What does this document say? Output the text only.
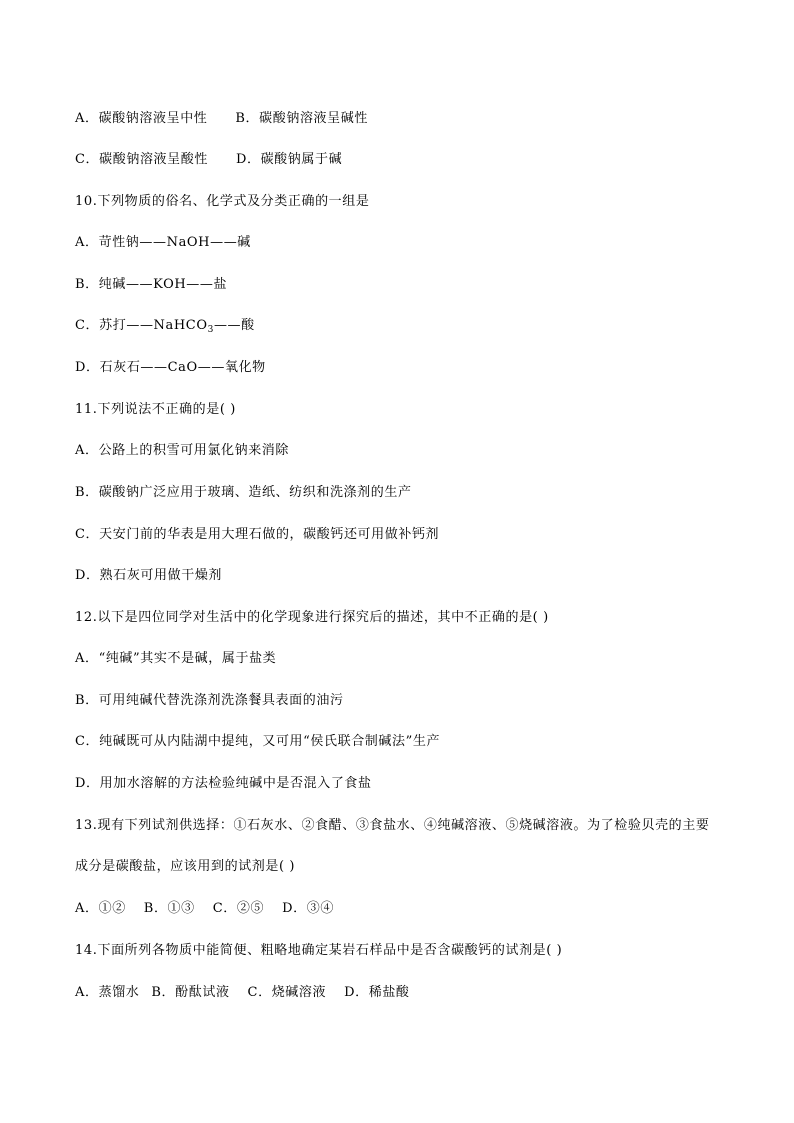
A．碳酸钠溶液呈中性 B．碳酸钠溶液呈碱性
C．碳酸钠溶液呈酸性 D．碳酸钠属于碱
10.下列物质的俗名、化学式及分类正确的一组是
A．苛性钠——NaOH——碱
B．纯碱——KOH——盐
C．苏打——NaHCO$_3$——酸
D．石灰石——CaO——氧化物
11.下列说法不正确的是( )
A．公路上的积雪可用氯化钠来消除
B．碳酸钠广泛应用于玻璃、造纸、纺织和洗涤剂的生产
C．天安门前的华表是用大理石做的，碳酸钙还可用做补钙剂
D．熟石灰可用做干燥剂
12.以下是四位同学对生活中的化学现象进行探究后的描述，其中不正确的是( )
A．“纯碱”其实不是碱，属于盐类
B．可用纯碱代替洗涤剂洗涤餐具表面的油污
C．纯碱既可从内陆湖中提纯，又可用“侯氏联合制碱法”生产
D．用加水溶解的方法检验纯碱中是否混入了食盐
13.现有下列试剂供选择：①石灰水、②食醋、③食盐水、④纯碱溶液、⑤烧碱溶液。为了检验贝壳的主要
成分是碳酸盐，应该用到的试剂是( )
A．①② B．①③ C．②⑤ D．③④
14.下面所列各物质中能简便、粗略地确定某岩石样品中是否含碳酸钙的试剂是( )
A．蒸馏水 B．酚酞试液 C．烧碱溶液 D．稀盐酸
